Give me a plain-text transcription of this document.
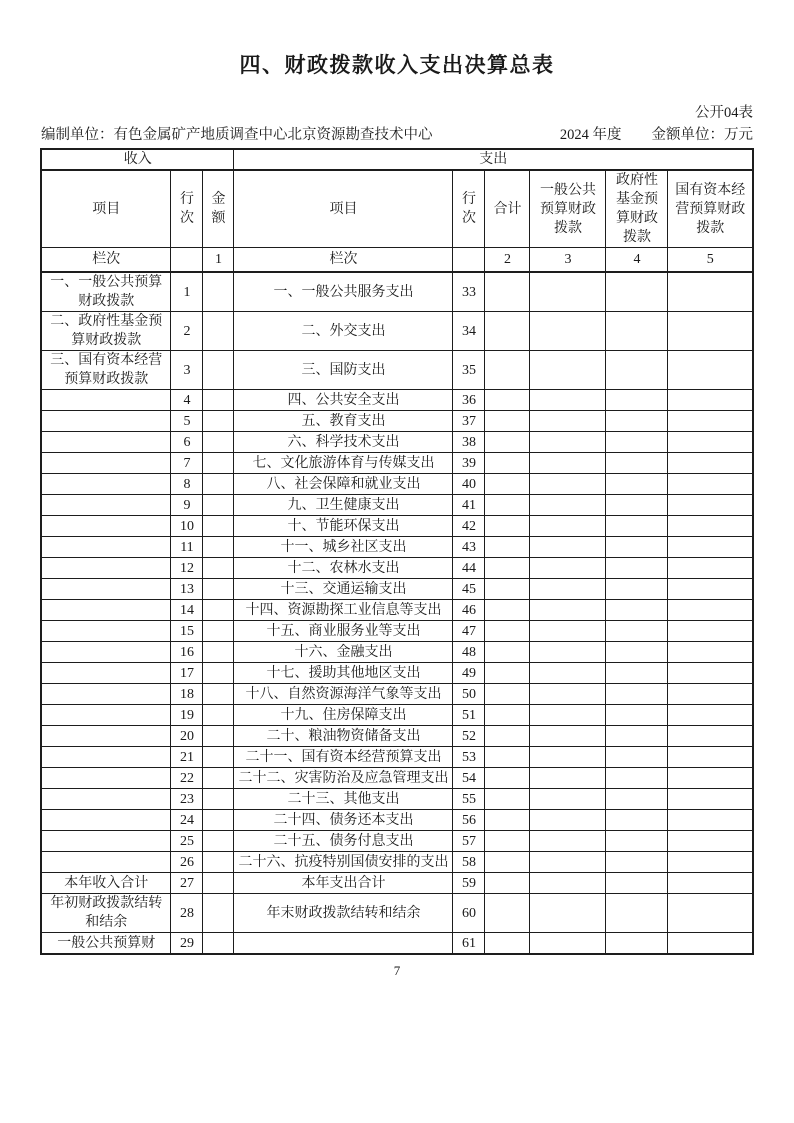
四、财政拨款收入支出决算总表
公开04表
编制单位：有色金属矿产地质调查中心北京资源勘查技术中心	2024 年度 金额单位：万元
收入			支出					
项目	行次	金额	项目	行次	合计	一般公共预算财政拨款	政府性基金预算财政拨款	国有资本经营预算财政拨款
栏次		1	栏次		2	3	4	5
一、一般公共预算财政拨款	1		一、一般公共服务支出	33				
二、政府性基金预算财政拨款	2		二、外交支出	34				
三、国有资本经营预算财政拨款	3		三、国防支出	35				
	4		四、公共安全支出	36				
	5		五、教育支出	37				
	6		六、科学技术支出	38				
	7		七、文化旅游体育与传媒支出	39				
	8		八、社会保障和就业支出	40				
	9		九、卫生健康支出	41				
	10		十、节能环保支出	42				
	11		十一、城乡社区支出	43				
	12		十二、农林水支出	44				
	13		十三、交通运输支出	45				
	14		十四、资源勘探工业信息等支出	46				
	15		十五、商业服务业等支出	47				
	16		十六、金融支出	48				
	17		十七、援助其他地区支出	49				
	18		十八、自然资源海洋气象等支出	50				
	19		十九、住房保障支出	51				
	20		二十、粮油物资储备支出	52				
	21		二十一、国有资本经营预算支出	53				
	22		二十二、灾害防治及应急管理支出	54				
	23		二十三、其他支出	55				
	24		二十四、债务还本支出	56				
	25		二十五、债务付息支出	57				
	26		二十六、抗疫特别国债安排的支出	58				
本年收入合计	27		本年支出合计	59				
年初财政拨款结转和结余	28		年末财政拨款结转和结余	60				
一般公共预算财	29			61				
7
